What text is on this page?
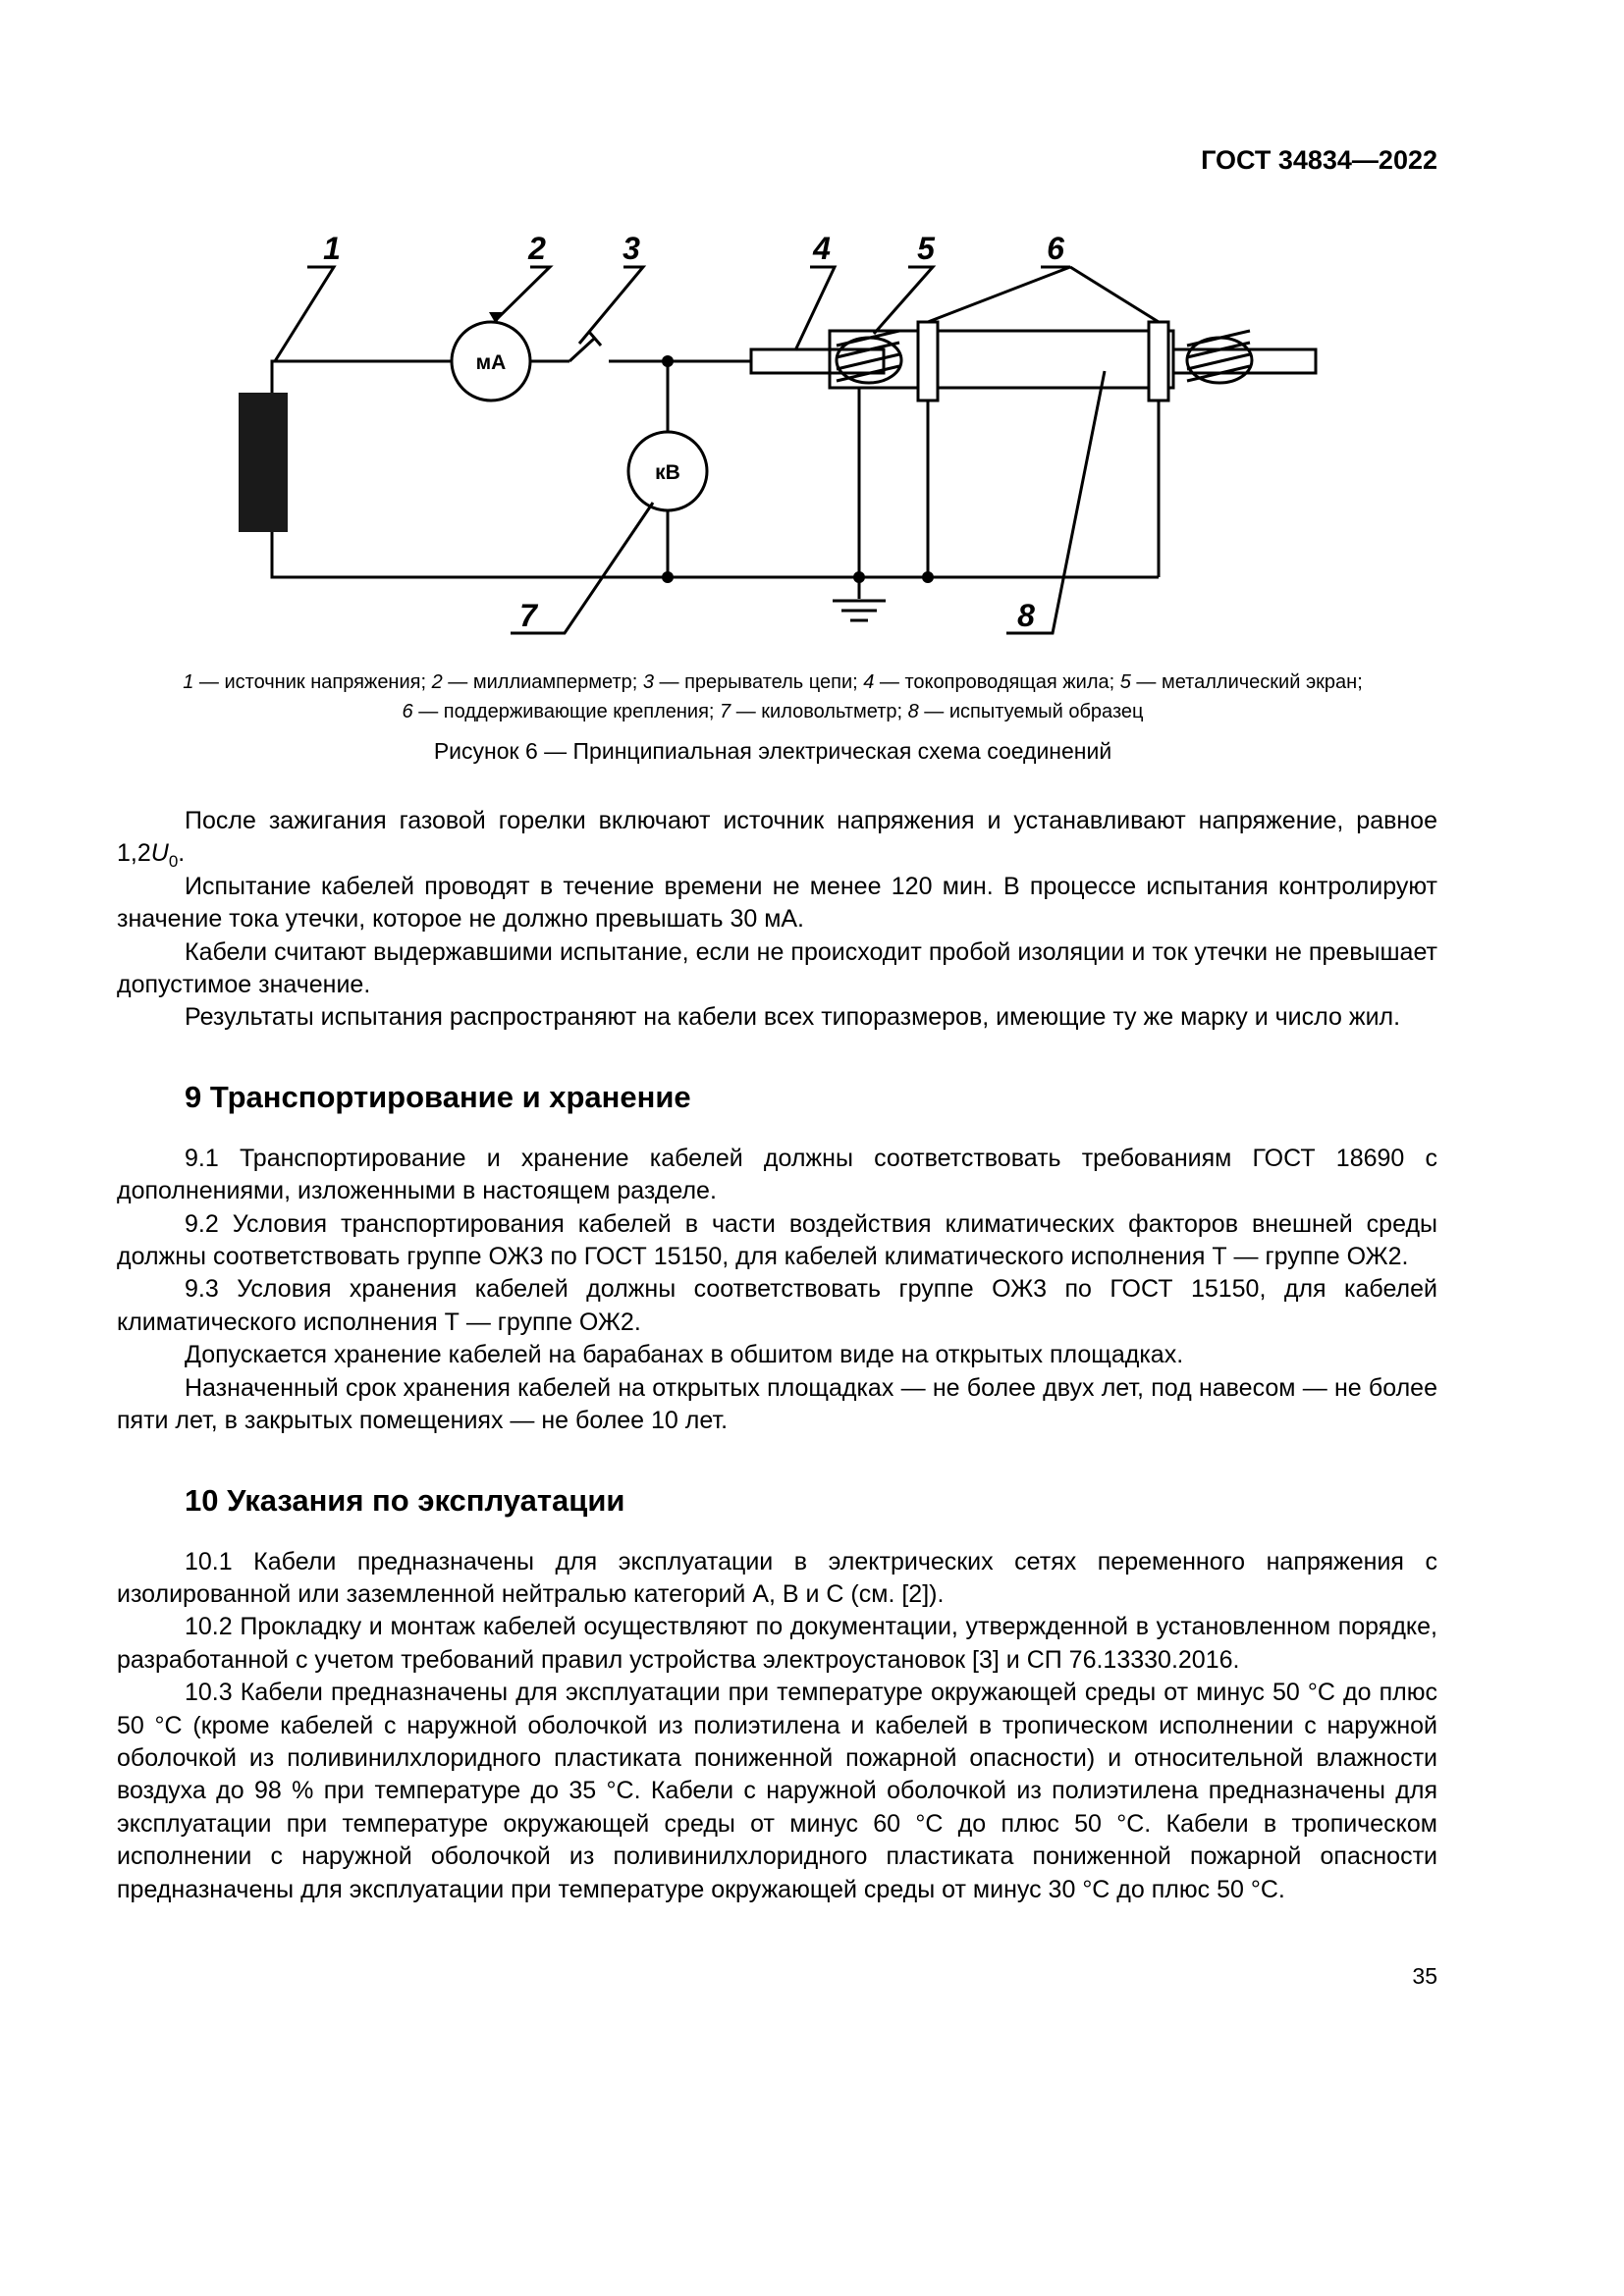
ГОСТ 34834—2022
мА
кВ
1	2 3	4	5	6
7	8
1 — источник напряжения; 2 — миллиамперметр; 3 — прерыватель цепи; 4 — токопроводящая жила; 5 — металлический экран;
6 — поддерживающие крепления; 7 — киловольтметр; 8 — испытуемый образец
Рисунок 6 — Принципиальная электрическая схема соединений

После зажигания газовой горелки включают источник напряжения и устанавливают напряжение, равное $1,2U_0$.

Испытание кабелей проводят в течение времени не менее 120 мин. В процессе испытания контролируют значение тока утечки, которое не должно превышать 30 мА.

Кабели считают выдержавшими испытание, если не происходит пробой изоляции и ток утечки не превышает допустимое значение.

Результаты испытания распространяют на кабели всех типоразмеров, имеющие ту же марку и число жил.

9 Транспортирование и хранение

9.1 Транспортирование и хранение кабелей должны соответствовать требованиям ГОСТ 18690 с дополнениями, изложенными в настоящем разделе.

9.2 Условия транспортирования кабелей в части воздействия климатических факторов внешней среды должны соответствовать группе ОЖ3 по ГОСТ 15150, для кабелей климатического исполнения Т — группе ОЖ2.

9.3 Условия хранения кабелей должны соответствовать группе ОЖ3 по ГОСТ 15150, для кабелей климатического исполнения Т — группе ОЖ2.

Допускается хранение кабелей на барабанах в обшитом виде на открытых площадках.

Назначенный срок хранения кабелей на открытых площадках — не более двух лет, под навесом — не более пяти лет, в закрытых помещениях — не более 10 лет.

10 Указания по эксплуатации

10.1 Кабели предназначены для эксплуатации в электрических сетях переменного напряжения с изолированной или заземленной нейтралью категорий А, В и С (см. [2]).

10.2 Прокладку и монтаж кабелей осуществляют по документации, утвержденной в установленном порядке, разработанной с учетом требований правил устройства электроустановок [3] и СП 76.13330.2016.

10.3 Кабели предназначены для эксплуатации при температуре окружающей среды от минус 50 °С до плюс 50 °С (кроме кабелей с наружной оболочкой из полиэтилена и кабелей в тропическом исполнении с наружной оболочкой из поливинилхлоридного пластиката пониженной пожарной опасности) и относительной влажности воздуха до 98 % при температуре до 35 °С. Кабели с наружной оболочкой из полиэтилена предназначены для эксплуатации при температуре окружающей среды от минус 60 °С до плюс 50 °С. Кабели в тропическом исполнении с наружной оболочкой из поливинилхлоридного пластиката пониженной пожарной опасности предназначены для эксплуатации при температуре окружающей среды от минус 30 °С до плюс 50 °С.

35
